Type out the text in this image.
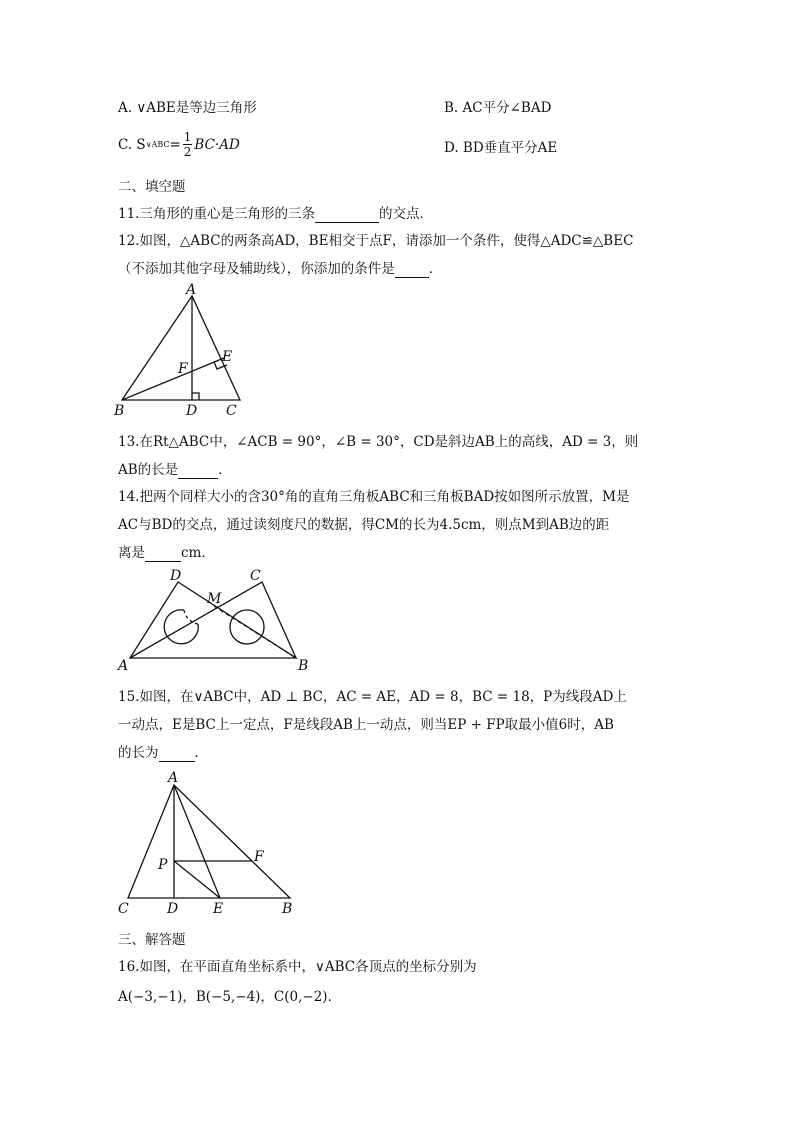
A. ∨ABE是等边三角形	B. AC平分∠BAD
C. S ∨ABC = $\frac{1}{2} BC\cdot AD$	D. BD垂直平分AE
二、填空题
11.三角形的重心是三角形的三条	的交点．
12.如图，△ABC的两条高AD，BE相交于点F，请添加一个条件，使得△ADC≌△BEC
（不添加其他字母及辅助线），你添加的条件是	．
A
B	C
D
E
F
13.在Rt△ABC中，∠ACB = 90°，∠B = 30°，CD是斜边AB上的高线，AD = 3，则
AB的长是	．
14.把两个同样大小的含30°角的直角三角板ABC和三角板BAD按如图所示放置，M是
AC与BD的交点，通过读刻度尺的数据，得CM的长为4.5cm，则点M到AB边的距
离是	cm．
D	C
M
A	B
15.如图，在∨ABC中，AD ⊥ BC，AC = AE，AD = 8，BC = 18，P为线段AD上
一动点，E是BC上一定点，F是线段AB上一动点，则当EP + FP取最小值6时，AB
的长为	．
A
C	D E	B
P	F
三、解答题
16.如图，在平面直角坐标系中，∨ABC各顶点的坐标分别为
A(−3,−1)，B(−5,−4)，C(0,−2)．
